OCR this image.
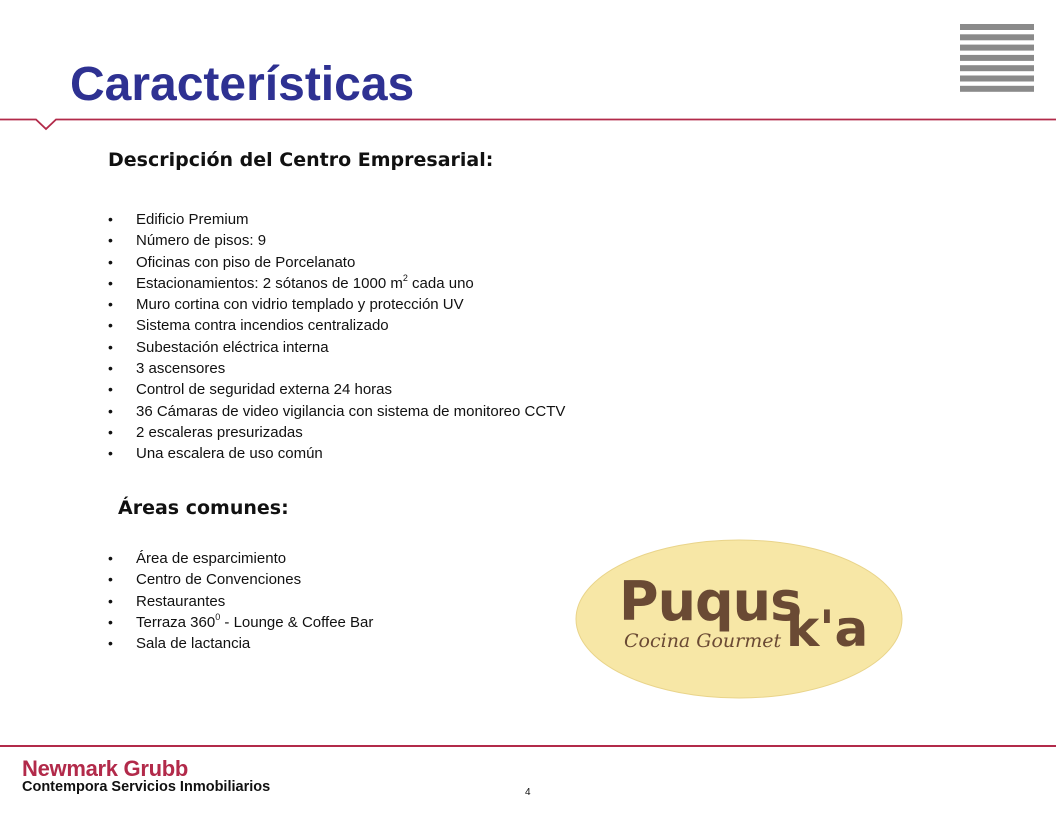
Características
Descripción del Centro Empresarial:
• Edificio Premium
• Número de pisos: 9
• Oficinas con piso de Porcelanato
• Estacionamientos: 2 sótanos de 1000 $m^2$ cada uno
• Muro cortina con vidrio templado y protección UV
• Sistema contra incendios centralizado
• Subestación eléctrica interna
• 3 ascensores
• Control de seguridad externa 24 horas
• 36 Cámaras de video vigilancia con sistema de monitoreo CCTV
• 2 escaleras presurizadas
• Una escalera de uso común
Áreas comunes:
• Área de esparcimiento
• Centro de Convenciones
• Restaurantes
• Terraza $360^0$ - Lounge & Coffee Bar
• Sala de lactancia
Puqus
k'a
Cocina Gourmet
Newmark Grubb
Contempora Servicios Inmobiliarios	4
